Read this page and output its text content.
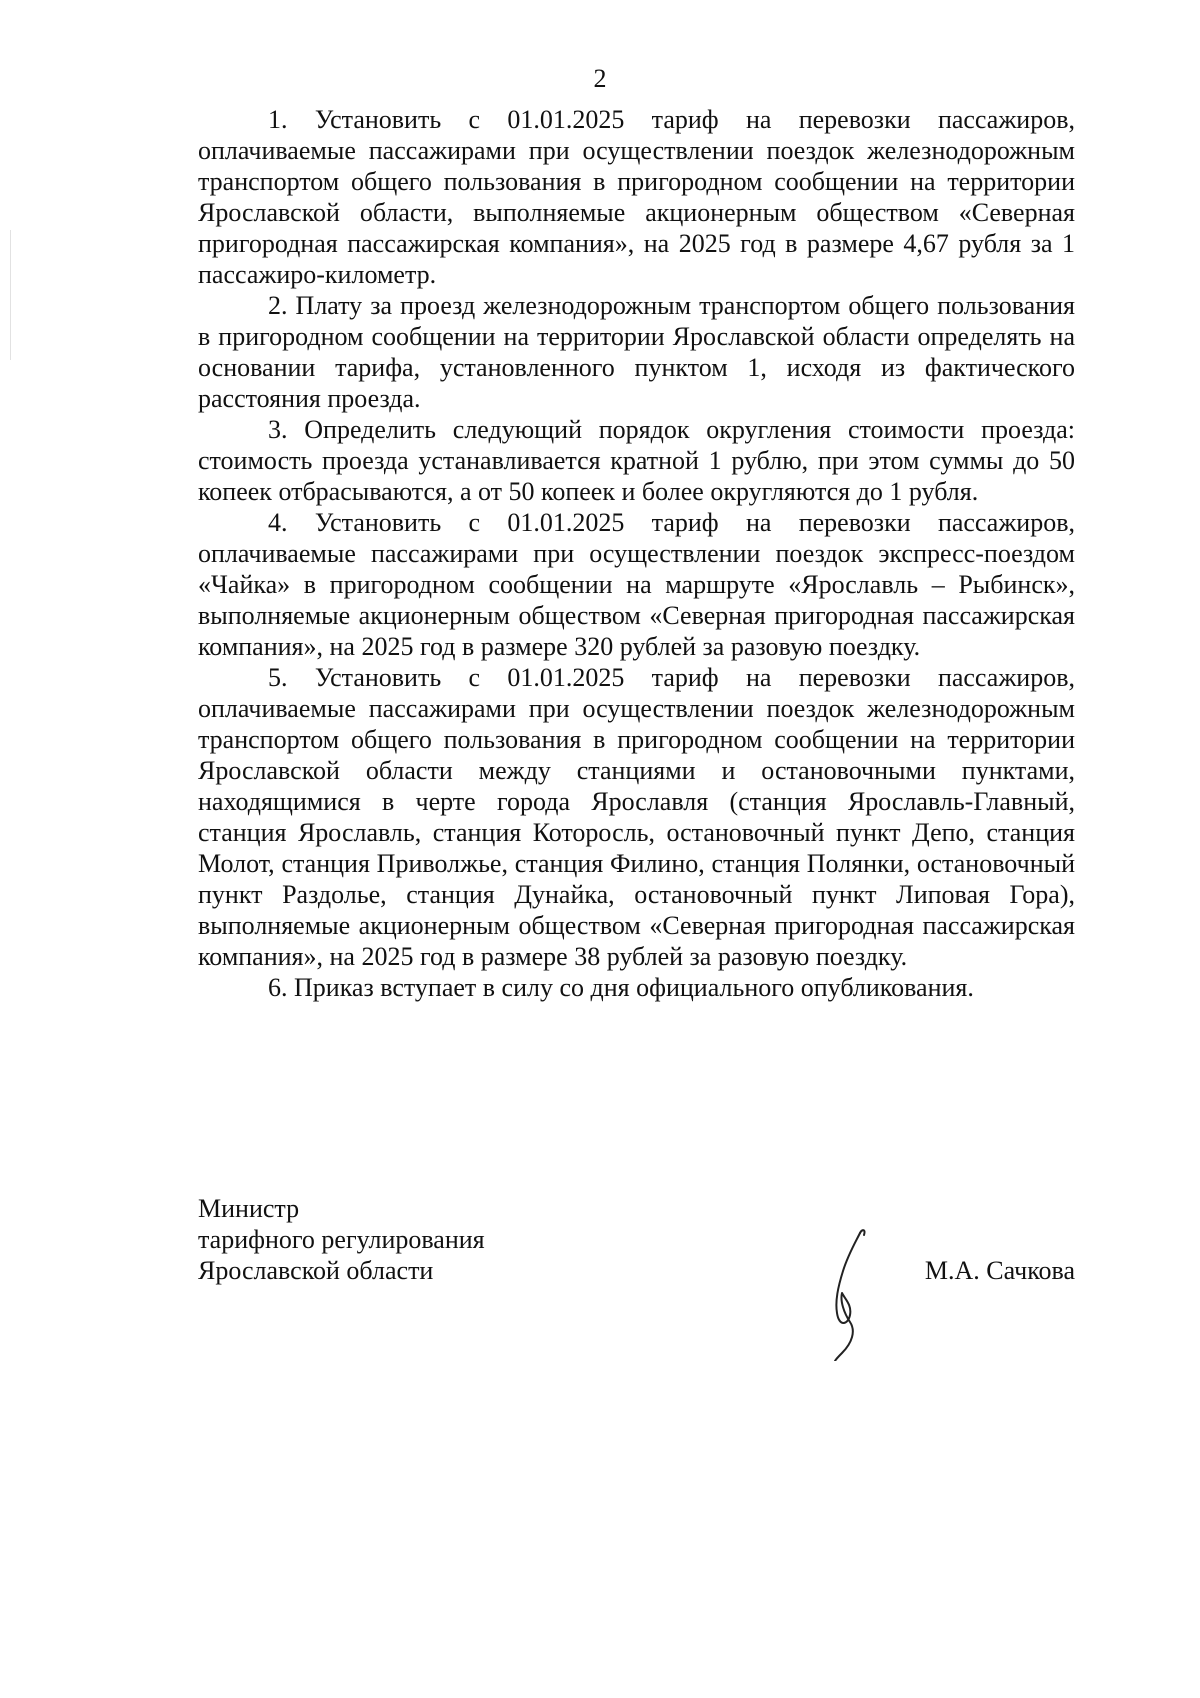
2

1. Установить с 01.01.2025 тариф на перевозки пассажиров, оплачиваемые пассажирами при осуществлении поездок железнодорожным транспортом общего пользования в пригородном сообщении на территории Ярославской области, выполняемые акционерным обществом «Северная пригородная пассажирская компания», на 2025 год в размере 4,67 рубля за 1 пассажиро-километр.

2. Плату за проезд железнодорожным транспортом общего пользования в пригородном сообщении на территории Ярославской области определять на основании тарифа, установленного пунктом 1, исходя из фактического расстояния проезда.

3. Определить следующий порядок округления стоимости проезда: стоимость проезда устанавливается кратной 1 рублю, при этом суммы до 50 копеек отбрасываются, а от 50 копеек и более округляются до 1 рубля.

4. Установить с 01.01.2025 тариф на перевозки пассажиров, оплачиваемые пассажирами при осуществлении поездок экспресс-поездом «Чайка» в пригородном сообщении на маршруте «Ярославль – Рыбинск», выполняемые акционерным обществом «Северная пригородная пассажирская компания», на 2025 год в размере 320 рублей за разовую поездку.

5. Установить с 01.01.2025 тариф на перевозки пассажиров, оплачиваемые пассажирами при осуществлении поездок железнодорожным транспортом общего пользования в пригородном сообщении на территории Ярославской области между станциями и остановочными пунктами, находящимися в черте города Ярославля (станция Ярославль-Главный, станция Ярославль, станция Которосль, остановочный пункт Депо, станция Молот, станция Приволжье, станция Филино, станция Полянки, остановочный пункт Раздолье, станция Дунайка, остановочный пункт Липовая Гора), выполняемые акционерным обществом «Северная пригородная пассажирская компания», на 2025 год в размере 38 рублей за разовую поездку.

6. Приказ вступает в силу со дня официального опубликования.

Министр
тарифного регулирования
Ярославской области	М.А. Сачкова
